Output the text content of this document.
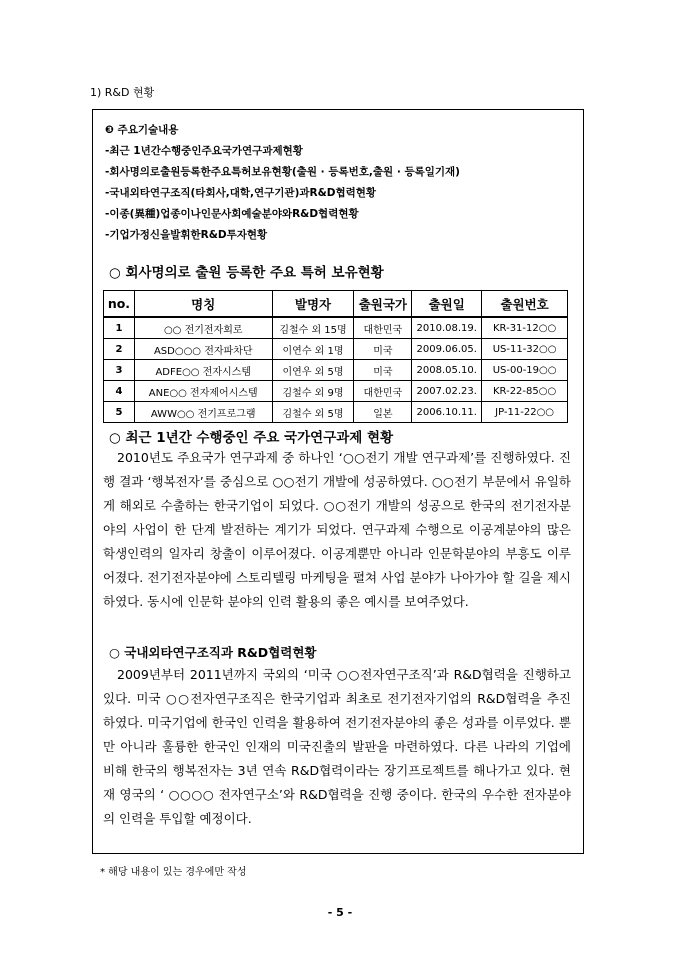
1) R&D 현황
❸ 주요기술내용
-최근 1년간수행중인주요국가연구과제현황
-회사명의로출원등록한주요특허보유현황(출원 · 등록번호,출원 · 등록일기재)
-국내외타연구조직(타회사,대학,연구기관)과R&D협력현황
-이종(異種)업종이나인문사회예술분야와R&D협력현황
-기업가정신을발휘한R&D투자현황
○ 회사명의로 출원 등록한 주요 특허 보유현황
no.	명칭	발명자	출원국가	출원일	출원번호
1	○○ 전기전자회로	김철수 외 15명	대한민국	2010.08.19.	KR-31-12○○
2	ASD○○○ 전자파차단	이연수 외 1명	미국	2009.06.05.	US-11-32○○
3	ADFE○○ 전자시스템	이연우 외 5명	미국	2008.05.10.	US-00-19○○
4	ANE○○ 전자제어시스템	김철수 외 9명	대한민국	2007.02.23.	KR-22-85○○
5	AWW○○ 전기프로그램	김철수 외 5명	일본	2006.10.11.	JP-11-22○○
○ 최근 1년간 수행중인 주요 국가연구과제 현황
2010년도 주요국가 연구과제 중 하나인 ‘○○전기 개발 연구과제’를 진행하였다. 진행 결과 ‘행복전자’를 중심으로 ○○전기 개발에 성공하였다. ○○전기 부문에서 유일하게 해외로 수출하는 한국기업이 되었다. ○○전기 개발의 성공으로 한국의 전기전자분야의 사업이 한 단계 발전하는 계기가 되었다. 연구과제 수행으로 이공계분야의 많은 학생인력의 일자리 창출이 이루어졌다. 이공계뿐만 아니라 인문학분야의 부흥도 이루어졌다. 전기전자분야에 스토리텔링 마케팅을 펼쳐 사업 분야가 나아가야 할 길을 제시하였다. 동시에 인문학 분야의 인력 활용의 좋은 예시를 보여주었다.
○ 국내외타연구조직과 R&D협력현황
2009년부터 2011년까지 국외의 ‘미국 ○○전자연구조직’과 R&D협력을 진행하고 있다. 미국 ○○전자연구조직은 한국기업과 최초로 전기전자기업의 R&D협력을 추진하였다. 미국기업에 한국인 인력을 활용하여 전기전자분야의 좋은 성과를 이루었다. 뿐만 아니라 훌륭한 한국인 인재의 미국진출의 발판을 마련하였다. 다른 나라의 기업에 비해 한국의 행복전자는 3년 연속 R&D협력이라는 장기프로젝트를 해나가고 있다. 현재 영국의 ‘ ○○○○ 전자연구소’와 R&D협력을 진행 중이다. 한국의 우수한 전자분야의 인력을 투입할 예정이다.
* 해당 내용이 있는 경우에만 작성
- 5 -
